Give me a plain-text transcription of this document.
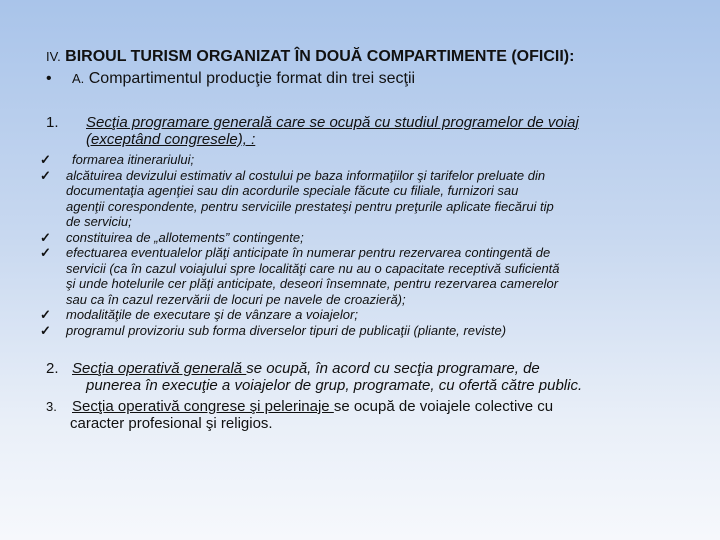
IV. BIROUL TURISM ORGANIZAT ÎN DOUĂ COMPARTIMENTE (OFICII):
• A. Compartimentul producţie format din trei secţii
1. Secţia programare generală care se ocupă cu studiul programelor de voiaj
(exceptând congresele), :
✓	formarea itinerariului;
✓	alcătuirea devizului estimativ al costului pe baza informaţiilor şi tarifelor preluate din
documentaţia agenţiei sau din acordurile speciale făcute cu filiale, furnizori sau
agenţii corespondente, pentru serviciile prestateşi pentru preţurile aplicate fiecărui tip
de serviciu;
✓	constituirea de „allotements” contingente;
✓	efectuarea eventualelor plăţi anticipate în numerar pentru rezervarea contingentă de
servicii (ca în cazul voiajului spre localităţi care nu au o capacitate receptivă suficientă
şi unde hotelurile cer plăţi anticipate, deseori însemnate, pentru rezervarea camerelor
sau ca în cazul rezervării de locuri pe navele de croazieră);
✓	modalităţile de executare şi de vânzare a voiajelor;
✓	programul provizoriu sub forma diverselor tipuri de publicaţii (pliante, reviste)
2. Secţia operativă generală se ocupă, în acord cu secţia programare, de
punerea în execuţie a voiajelor de grup, programate, cu ofertă către public.
3. Secţia operativă congrese şi pelerinaje se ocupă de voiajele colective cu
caracter profesional şi religios.
